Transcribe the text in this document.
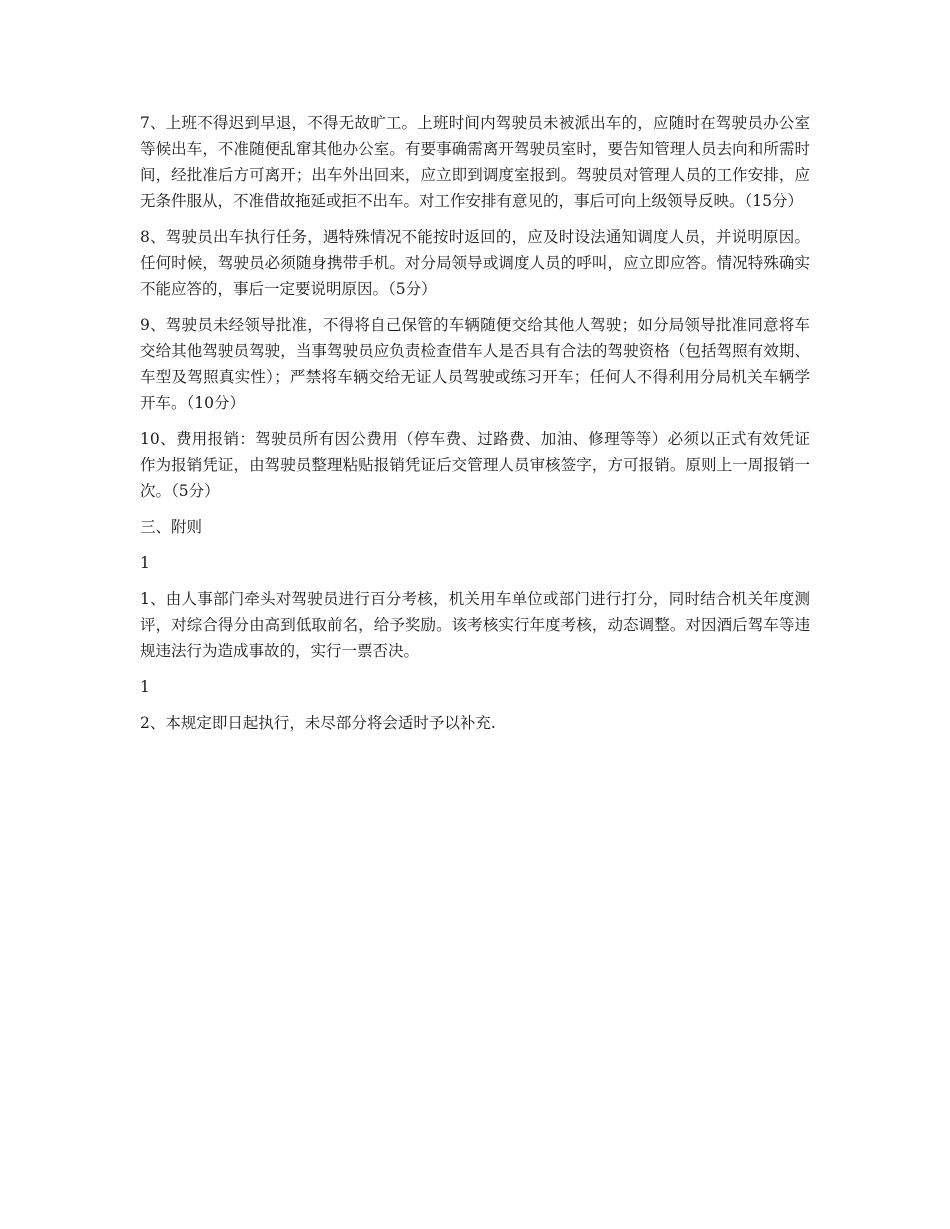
7、上班不得迟到早退，不得无故旷工。上班时间内驾驶员未被派出车的，应随时在驾驶员办公室等候出车，不准随便乱窜其他办公室。有要事确需离开驾驶员室时，要告知管理人员去向和所需时间，经批准后方可离开；出车外出回来，应立即到调度室报到。驾驶员对管理人员的工作安排，应无条件服从，不准借故拖延或拒不出车。对工作安排有意见的，事后可向上级领导反映。（15分）

8、驾驶员出车执行任务，遇特殊情况不能按时返回的，应及时设法通知调度人员，并说明原因。任何时候，驾驶员必须随身携带手机。对分局领导或调度人员的呼叫，应立即应答。情况特殊确实不能应答的，事后一定要说明原因。（5分）

9、驾驶员未经领导批准，不得将自己保管的车辆随便交给其他人驾驶；如分局领导批准同意将车交给其他驾驶员驾驶，当事驾驶员应负责检查借车人是否具有合法的驾驶资格（包括驾照有效期、车型及驾照真实性）；严禁将车辆交给无证人员驾驶或练习开车；任何人不得利用分局机关车辆学开车。（10分）

10、费用报销：驾驶员所有因公费用（停车费、过路费、加油、修理等等）必须以正式有效凭证作为报销凭证，由驾驶员整理粘贴报销凭证后交管理人员审核签字，方可报销。原则上一周报销一次。（5分）

三、附则

1

1、由人事部门牵头对驾驶员进行百分考核，机关用车单位或部门进行打分，同时结合机关年度测评，对综合得分由高到低取前名，给予奖励。该考核实行年度考核，动态调整。对因酒后驾车等违规违法行为造成事故的，实行一票否决。

1

2、本规定即日起执行，未尽部分将会适时予以补充.
